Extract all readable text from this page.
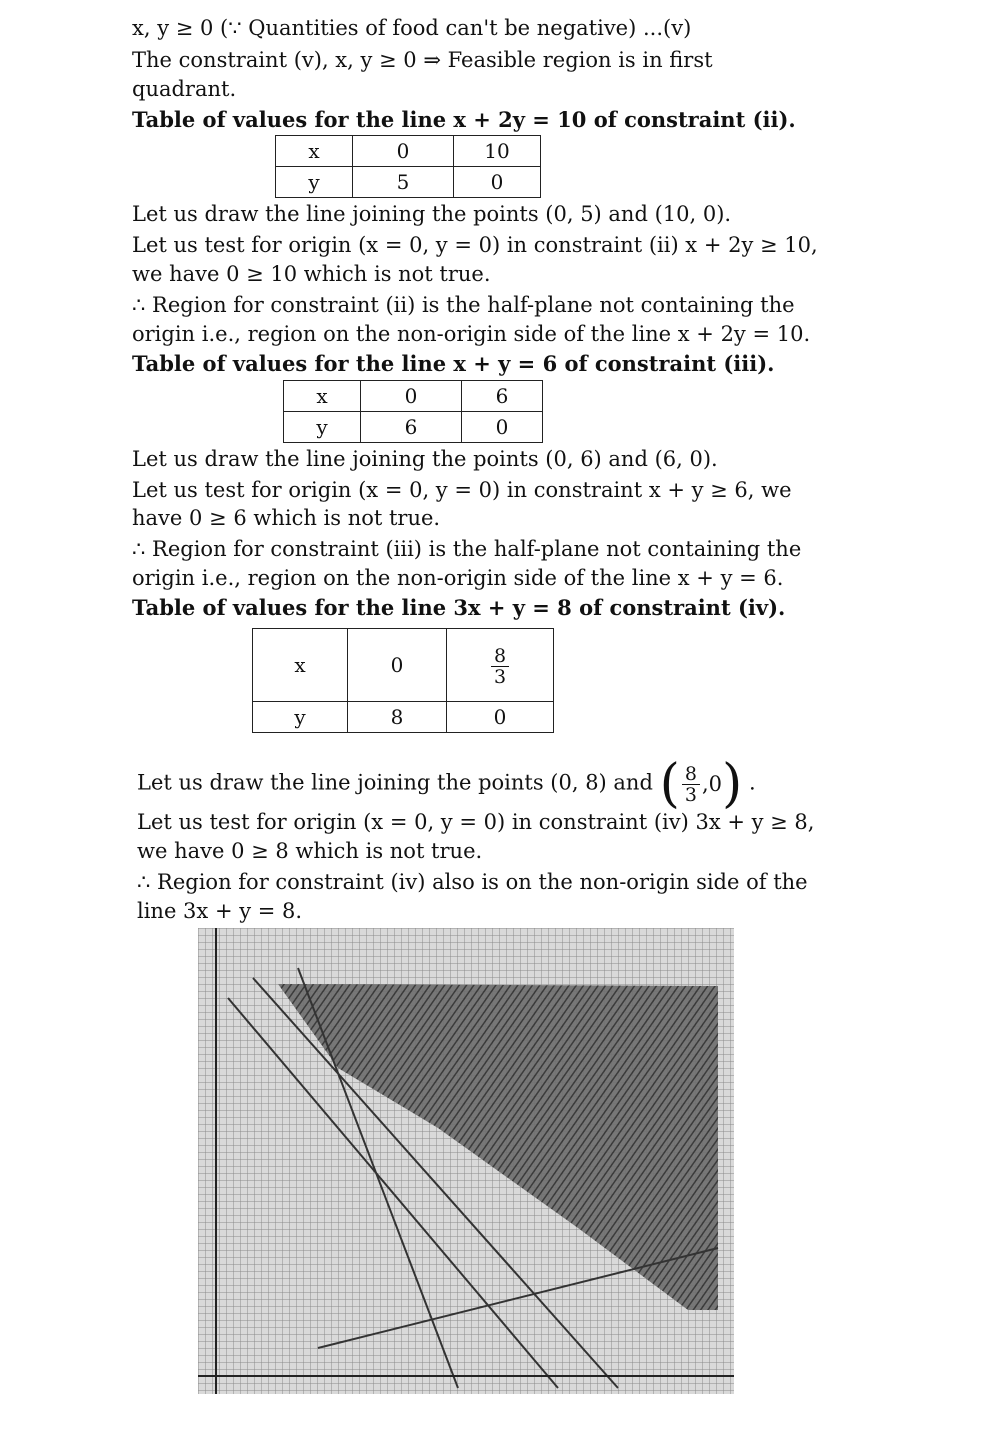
x, y ≥ 0 (∵ Quantities of food can't be negative) ...(v)
The constraint (v), x, y ≥ 0 ⇒ Feasible region is in first
quadrant.
Table of values for the line x + 2y = 10 of constraint (ii).
x	0	10
y	5	0
Let us draw the line joining the points (0, 5) and (10, 0).
Let us test for origin (x = 0, y = 0) in constraint (ii) x + 2y ≥ 10,
we have 0 ≥ 10 which is not true.
∴ Region for constraint (ii) is the half-plane not containing the
origin i.e., region on the non-origin side of the line x + 2y = 10.
Table of values for the line x + y = 6 of constraint (iii).
x	0	6
y	6	0
Let us draw the line joining the points (0, 6) and (6, 0).
Let us test for origin (x = 0, y = 0) in constraint x + y ≥ 6, we
have 0 ≥ 6 which is not true.
∴ Region for constraint (iii) is the half-plane not containing the
origin i.e., region on the non-origin side of the line x + y = 6.
Table of values for the line 3x + y = 8 of constraint (iv).
x	0	$\frac{8}{3}$

y	8	0
Let us draw the line joining the points (0, 8) and ( $\frac{8}{3}$ , 0 ) .
Let us test for origin (x = 0, y = 0) in constraint (iv) 3x + y ≥ 8,
we have 0 ≥ 8 which is not true.
∴ Region for constraint (iv) also is on the non-origin side of the
line 3x + y = 8.
